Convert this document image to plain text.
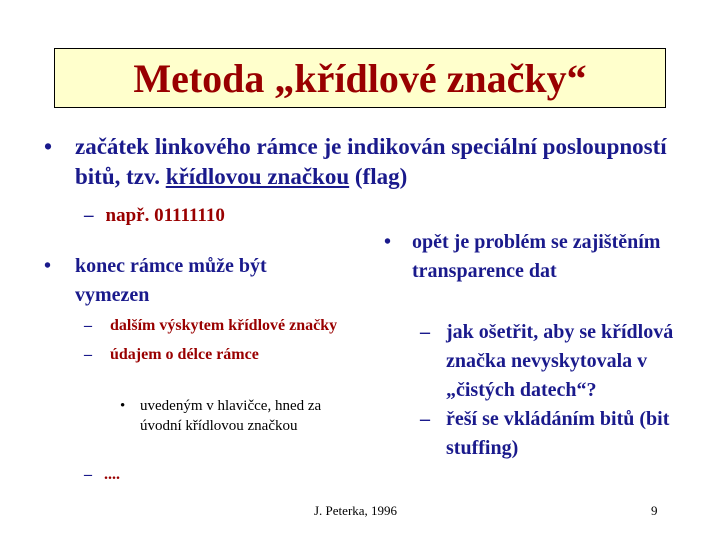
Metoda „křídlové značky“
• začátek linkového rámce je indikován speciální posloupností bitů, tzv. křídlovou značkou (flag)
– např. 01111110
• konec rámce může být vymezen
– dalším výskytem křídlové značky
– údajem o délce rámce
• uvedeným v hlavičce, hned za úvodní křídlovou značkou
– ....
• opět je problém se zajištěním transparence dat
– jak ošetřit, aby se křídlová značka nevyskytovala v „čistých datech“?
– řeší se vkládáním bitů (bit stuffing)
J. Peterka, 1996	9
